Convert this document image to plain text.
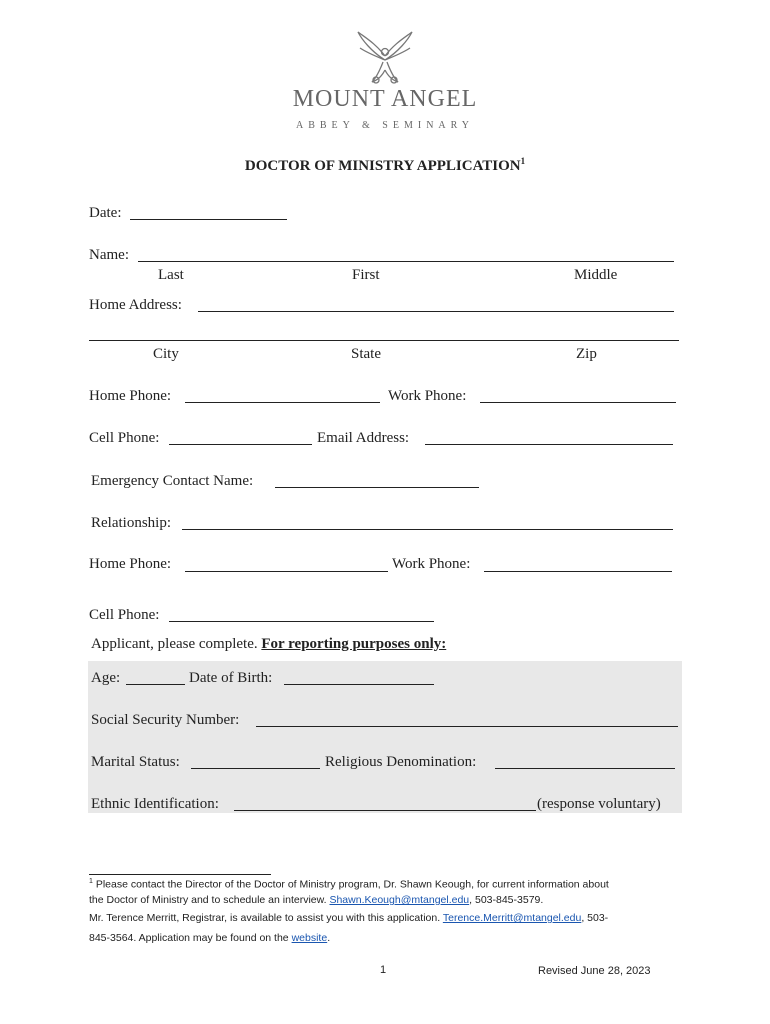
MOUNT ANGEL
ABBEY & SEMINARY
DOCTOR OF MINISTRY APPLICATION$^1$
Date:
Name:
Last	First	Middle
Home Address:
City	State	Zip
Home Phone:	Work Phone:
Cell Phone:	Email Address:
Emergency Contact Name:
Relationship:
Home Phone:	Work Phone:
Cell Phone:
Applicant, please complete. For reporting purposes only:
Age:	Date of Birth:
Social Security Number:
Marital Status:	Religious Denomination:
Ethnic Identification:	(response voluntary)
$^1$ Please contact the Director of the Doctor of Ministry program, Dr. Shawn Keough, for current information about
the Doctor of Ministry and to schedule an interview. Shawn.Keough@mtangel.edu, 503-845-3579.
Mr. Terence Merritt, Registrar, is available to assist you with this application. Terence.Merritt@mtangel.edu, 503-
845-3564. Application may be found on the website.
1	Revised June 28, 2023
